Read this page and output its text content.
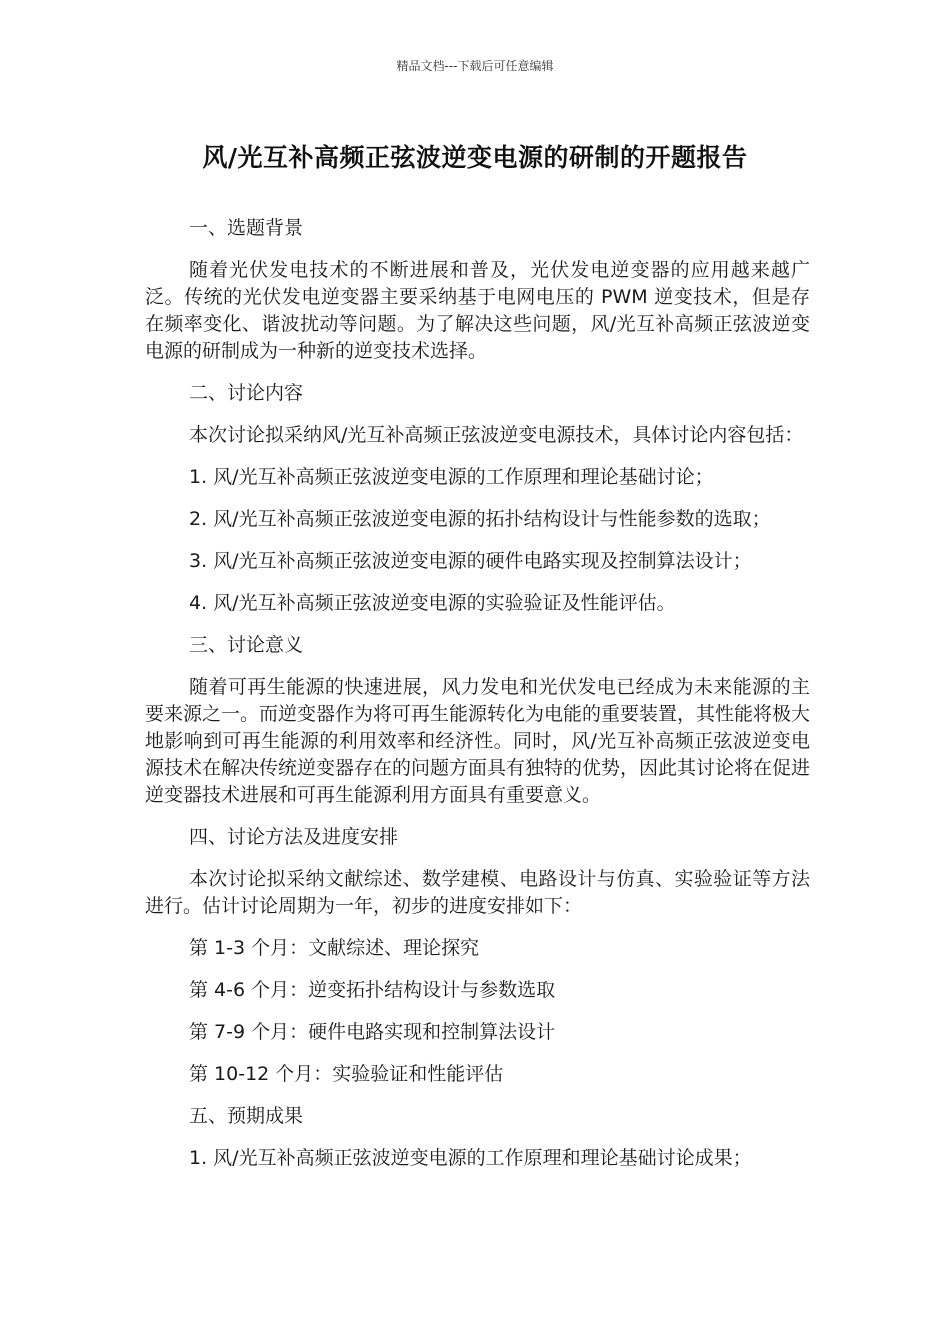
精品文档---下载后可任意编辑
风/光互补高频正弦波逆变电源的研制的开题报告
一、选题背景
随着光伏发电技术的不断进展和普及，光伏发电逆变器的应用越来越广泛。传统的光伏发电逆变器主要采纳基于电网电压的 PWM 逆变技术，但是存在频率变化、谐波扰动等问题。为了解决这些问题，风/光互补高频正弦波逆变电源的研制成为一种新的逆变技术选择。
二、讨论内容
本次讨论拟采纳风/光互补高频正弦波逆变电源技术，具体讨论内容包括：
1. 风/光互补高频正弦波逆变电源的工作原理和理论基础讨论；
2. 风/光互补高频正弦波逆变电源的拓扑结构设计与性能参数的选取；
3. 风/光互补高频正弦波逆变电源的硬件电路实现及控制算法设计；
4. 风/光互补高频正弦波逆变电源的实验验证及性能评估。
三、讨论意义
随着可再生能源的快速进展，风力发电和光伏发电已经成为未来能源的主要来源之一。而逆变器作为将可再生能源转化为电能的重要装置，其性能将极大地影响到可再生能源的利用效率和经济性。同时，风/光互补高频正弦波逆变电源技术在解决传统逆变器存在的问题方面具有独特的优势，因此其讨论将在促进逆变器技术进展和可再生能源利用方面具有重要意义。
四、讨论方法及进度安排
本次讨论拟采纳文献综述、数学建模、电路设计与仿真、实验验证等方法进行。估计讨论周期为一年，初步的进度安排如下：
第 1-3 个月：文献综述、理论探究
第 4-6 个月：逆变拓扑结构设计与参数选取
第 7-9 个月：硬件电路实现和控制算法设计
第 10-12 个月：实验验证和性能评估
五、预期成果
1. 风/光互补高频正弦波逆变电源的工作原理和理论基础讨论成果；
